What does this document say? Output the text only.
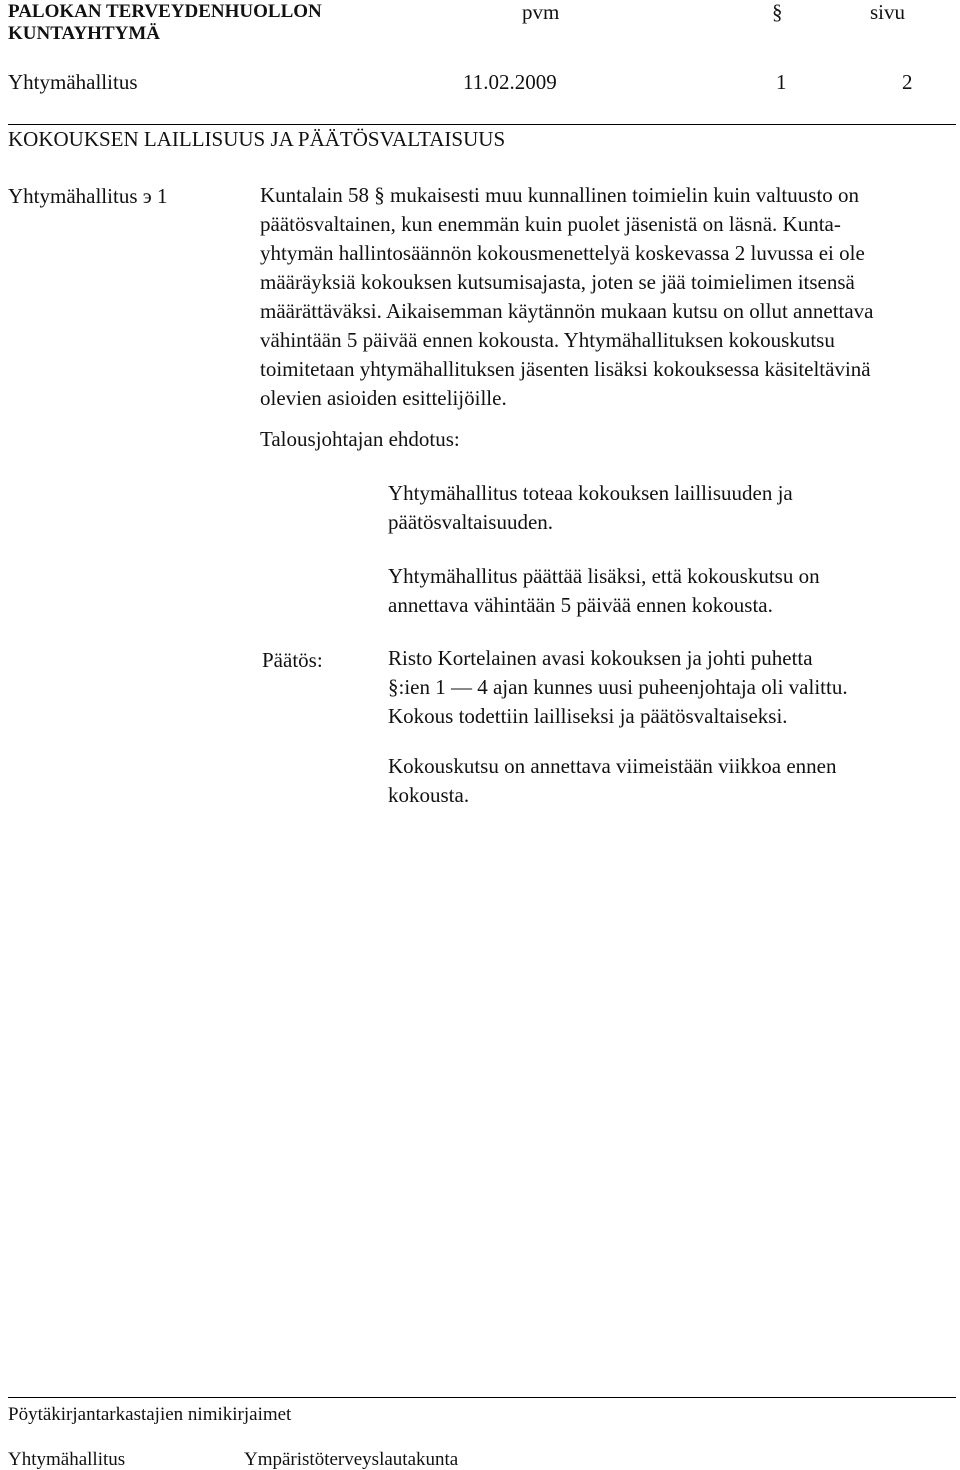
PALOKAN TERVEYDENHUOLLON
KUNTAYHTYMÄ
pvm	§	sivu
Yhtymähallitus	11.02.2009	1	2
KOKOUKSEN LAILLISUUS JA PÄÄTÖSVALTAISUUS
Yhtymähallitus э 1	Kuntalain 58 § mukaisesti muu kunnallinen toimielin kuin valtuusto on
päätösvaltainen, kun enemmän kuin puolet jäsenistä on läsnä. Kunta-
yhtymän hallintosäännön kokousmenettelyä koskevassa 2 luvussa ei ole
määräyksiä kokouksen kutsumisajasta, joten se jää toimielimen itsensä
määrättäväksi. Aikaisemman käytännön mukaan kutsu on ollut annettava
vähintään 5 päivää ennen kokousta. Yhtymähallituksen kokouskutsu
toimitetaan yhtymähallituksen jäsenten lisäksi kokouksessa käsiteltävinä
olevien asioiden esittelijöille.
Talousjohtajan ehdotus:
Yhtymähallitus toteaa kokouksen laillisuuden ja
päätösvaltaisuuden.
Yhtymähallitus päättää lisäksi, että kokouskutsu on
annettava vähintään 5 päivää ennen kokousta.
Päätös:	Risto Kortelainen avasi kokouksen ja johti puhetta
§:ien 1 — 4 ajan kunnes uusi puheenjohtaja oli valittu.
Kokous todettiin lailliseksi ja päätösvaltaiseksi.
Kokouskutsu on annettava viimeistään viikkoa ennen
kokousta.
Pöytäkirjantarkastajien nimikirjaimet
Yhtymähallitus	Ympäristöterveyslautakunta
